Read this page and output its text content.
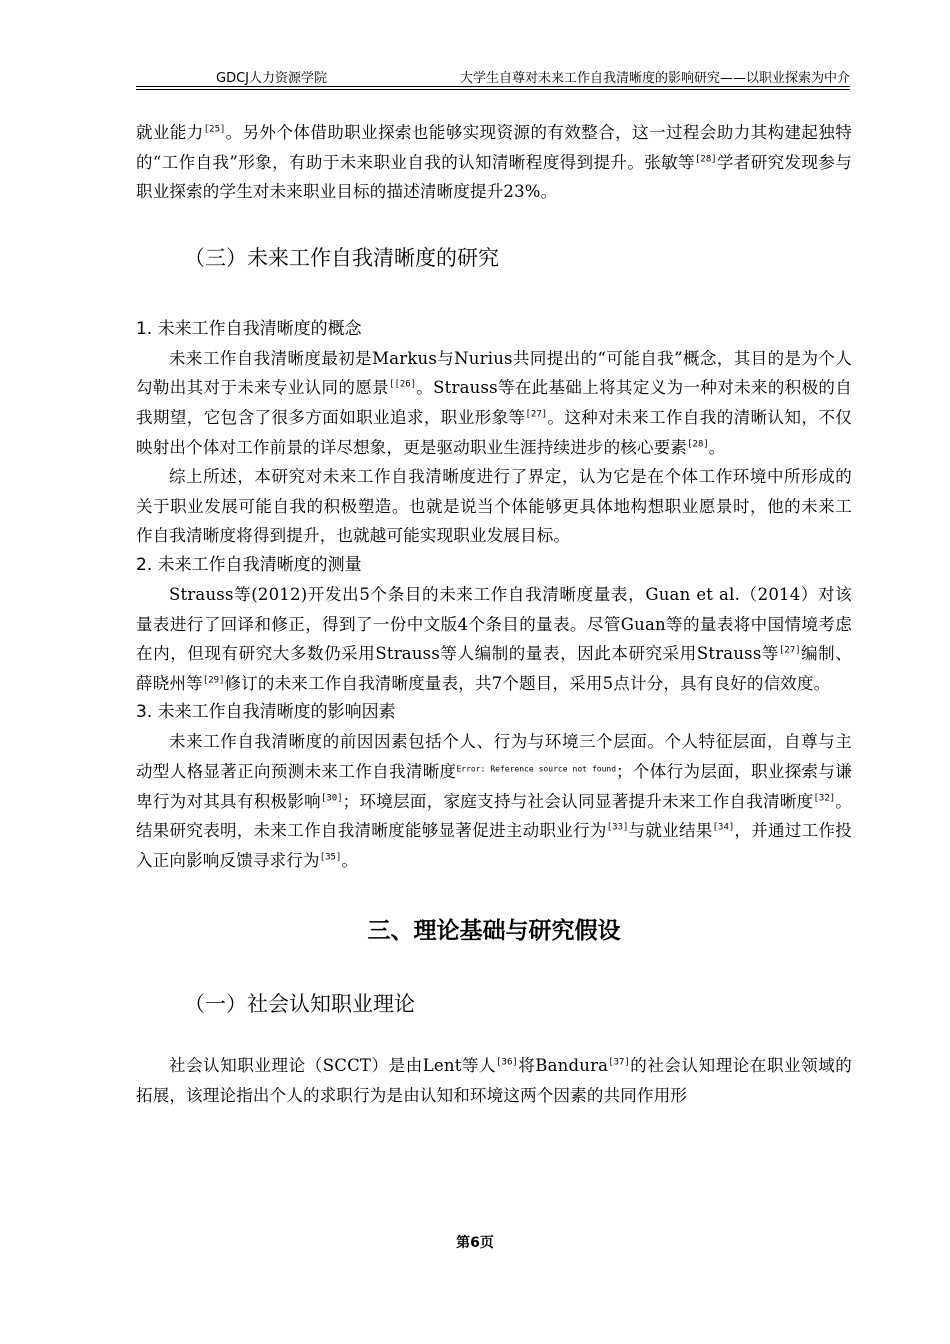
GDCJ人力资源学院	大学生自尊对未来工作自我清晰度的影响研究——以职业探索为中介

就业能力[25]。另外个体借助职业探索也能够实现资源的有效整合，这一过程会助力其构建起独特的“工作自我”形象，有助于未来职业自我的认知清晰程度得到提升。张敏等[28]学者研究发现参与职业探索的学生对未来职业目标的描述清晰度提升23%。

（三）未来工作自我清晰度的研究
1. 未来工作自我清晰度的概念

未来工作自我清晰度最初是Markus与Nurius共同提出的“可能自我”概念，其目的是为个人勾勒出其对于未来专业认同的愿景[[26]。Strauss等在此基础上将其定义为一种对未来的积极的自我期望，它包含了很多方面如职业追求，职业形象等[27]。这种对未来工作自我的清晰认知，不仅映射出个体对工作前景的详尽想象，更是驱动职业生涯持续进步的核心要素[28]。

综上所述，本研究对未来工作自我清晰度进行了界定，认为它是在个体工作环境中所形成的关于职业发展可能自我的积极塑造。也就是说当个体能够更具体地构想职业愿景时，他的未来工作自我清晰度将得到提升，也就越可能实现职业发展目标。

2. 未来工作自我清晰度的测量

Strauss等(2012)开发出5个条目的未来工作自我清晰度量表，Guan et al.（2014）对该量表进行了回译和修正，得到了一份中文版4个条目的量表。尽管Guan等的量表将中国情境考虑在内，但现有研究大多数仍采用Strauss等人编制的量表，因此本研究采用Strauss等[27]编制、薛晓州等[29]修订的未来工作自我清晰度量表，共7个题目，采用5点计分，具有良好的信效度。

3. 未来工作自我清晰度的影响因素

未来工作自我清晰度的前因因素包括个人、行为与环境三个层面。个人特征层面，自尊与主动型人格显著正向预测未来工作自我清晰度$^{Error: Reference source not found}$；个体行为层面，职业探索与谦卑行为对其具有积极影响[30]；环境层面，家庭支持与社会认同显著提升未来工作自我清晰度[32]。结果研究表明，未来工作自我清晰度能够显著促进主动职业行为[33]与就业结果[34]，并通过工作投入正向影响反馈寻求行为[35]。

三、理论基础与研究假设
（一）社会认知职业理论

社会认知职业理论（SCCT）是由Lent等人[36]将Bandura[37]的社会认知理论在职业领域的拓展，该理论指出个人的求职行为是由认知和环境这两个因素的共同作用形

第6页
